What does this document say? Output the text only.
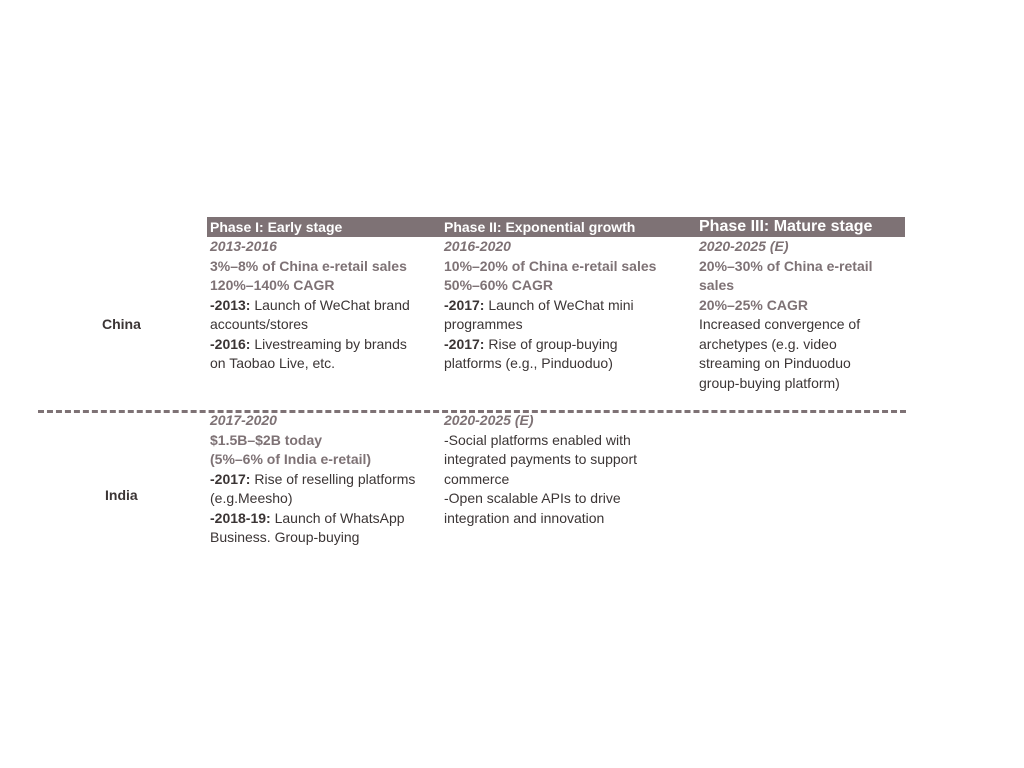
Phase I: Early stage	Phase II: Exponential growth	Phase III: Mature stage
China
India
2013-2016
3%–8% of China e-retail sales
120%–140% CAGR
-2013: Launch of WeChat brand
accounts/stores
-2016: Livestreaming by brands
on Taobao Live, etc.
2016-2020
10%–20% of China e-retail sales
50%–60% CAGR
-2017: Launch of WeChat mini
programmes
-2017: Rise of group-buying
platforms (e.g., Pinduoduo)
2020-2025 (E)
20%–30% of China e-retail
sales
20%–25% CAGR
Increased convergence of
archetypes (e.g. video
streaming on Pinduoduo
group-buying platform)
2017-2020
$1.5B–$2B today
(5%–6% of India e-retail)
-2017: Rise of reselling platforms
(e.g.Meesho)
-2018-19: Launch of WhatsApp
Business. Group-buying
2020-2025 (E)
-Social platforms enabled with
integrated payments to support
commerce
-Open scalable APIs to drive
integration and innovation
